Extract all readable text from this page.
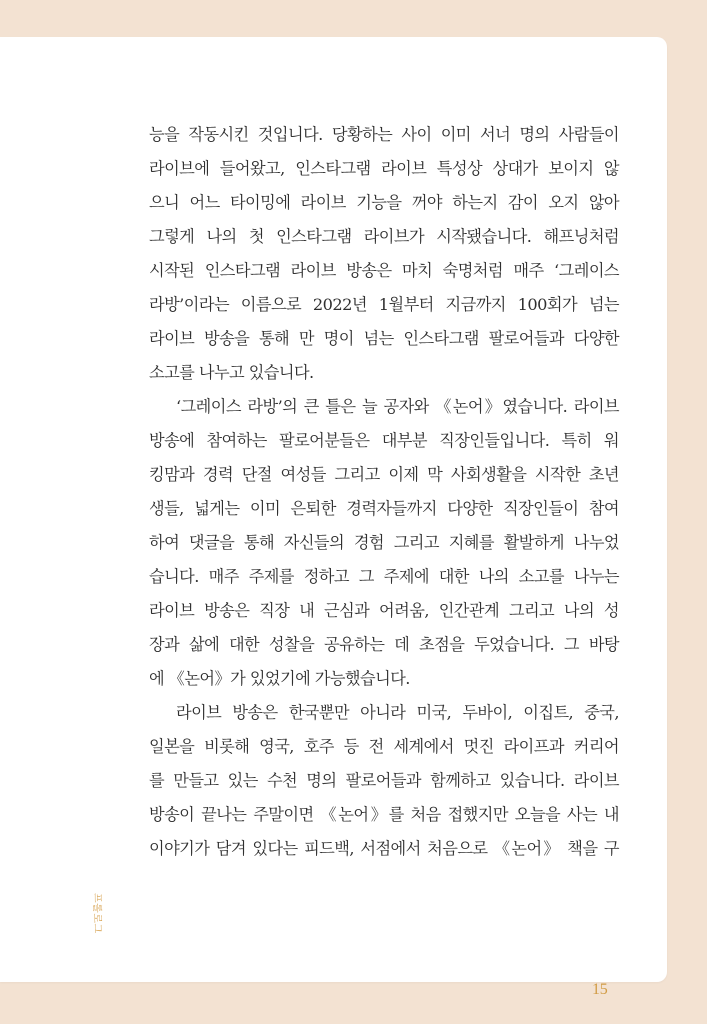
능을 작동시킨 것입니다. 당황하는 사이 이미 서너 명의 사람들이
라이브에 들어왔고, 인스타그램 라이브 특성상 상대가 보이지 않
으니 어느 타이밍에 라이브 기능을 꺼야 하는지 감이 오지 않아
그렇게 나의 첫 인스타그램 라이브가 시작됐습니다. 해프닝처럼
시작된 인스타그램 라이브 방송은 마치 숙명처럼 매주 ‘그레이스
라방’이라는 이름으로 2022년 1월부터 지금까지 100회가 넘는
라이브 방송을 통해 만 명이 넘는 인스타그램 팔로어들과 다양한
소고를 나누고 있습니다.

‘그레이스 라방’의 큰 틀은 늘 공자와 《논어》였습니다. 라이브
방송에 참여하는 팔로어분들은 대부분 직장인들입니다. 특히 워
킹맘과 경력 단절 여성들 그리고 이제 막 사회생활을 시작한 초년
생들, 넓게는 이미 은퇴한 경력자들까지 다양한 직장인들이 참여
하여 댓글을 통해 자신들의 경험 그리고 지혜를 활발하게 나누었
습니다. 매주 주제를 정하고 그 주제에 대한 나의 소고를 나누는
라이브 방송은 직장 내 근심과 어려움, 인간관계 그리고 나의 성
장과 삶에 대한 성찰을 공유하는 데 초점을 두었습니다. 그 바탕
에 《논어》가 있었기에 가능했습니다.

라이브 방송은 한국뿐만 아니라 미국, 두바이, 이집트, 중국,
일본을 비롯해 영국, 호주 등 전 세계에서 멋진 라이프과 커리어
를 만들고 있는 수천 명의 팔로어들과 함께하고 있습니다. 라이브
방송이 끝나는 주말이면 《논어》를 처음 접했지만 오늘을 사는 내
이야기가 담겨 있다는 피드백, 서점에서 처음으로 《논어》 책을 구

프롤로그
15
